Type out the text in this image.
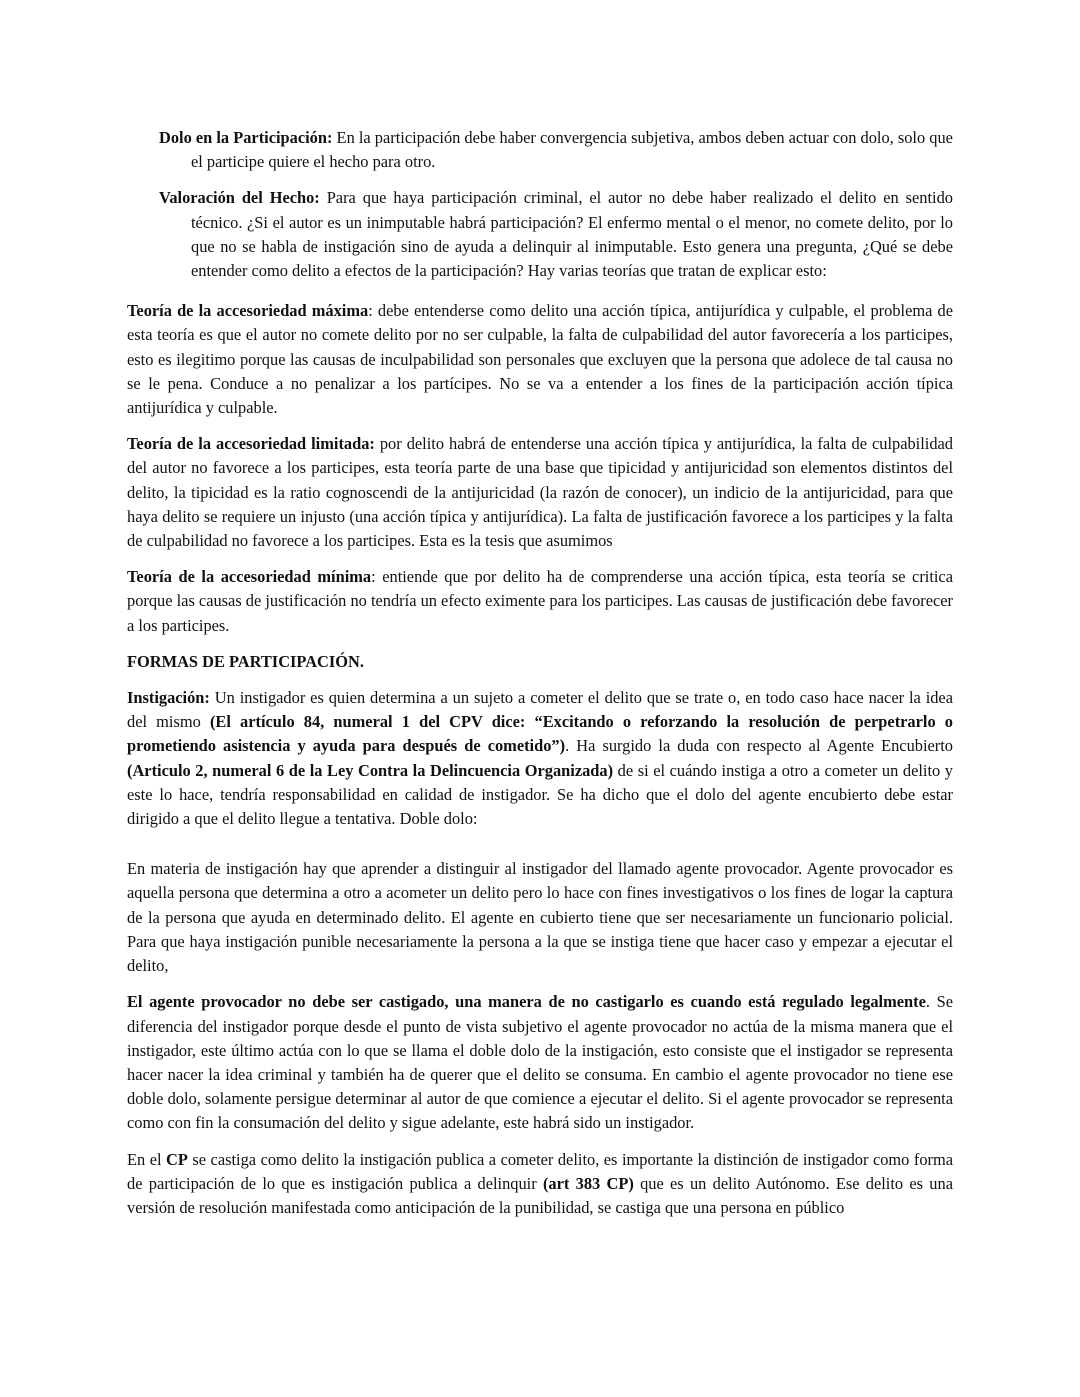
Dolo en la Participación: En la participación debe haber convergencia subjetiva, ambos deben actuar con dolo, solo que el participe quiere el hecho para otro.

Valoración del Hecho: Para que haya participación criminal, el autor no debe haber realizado el delito en sentido técnico. ¿Si el autor es un inimputable habrá participación? El enfermo mental o el menor, no comete delito, por lo que no se habla de instigación sino de ayuda a delinquir al inimputable. Esto genera una pregunta, ¿Qué se debe entender como delito a efectos de la participación? Hay varias teorías que tratan de explicar esto:

Teoría de la accesoriedad máxima: debe entenderse como delito una acción típica, antijurídica y culpable, el problema de esta teoría es que el autor no comete delito por no ser culpable, la falta de culpabilidad del autor favorecería a los participes, esto es ilegitimo porque las causas de inculpabilidad son personales que excluyen que la persona que adolece de tal causa no se le pena. Conduce a no penalizar a los partícipes. No se va a entender a los fines de la participación acción típica antijurídica y culpable.

Teoría de la accesoriedad limitada: por delito habrá de entenderse una acción típica y antijurídica, la falta de culpabilidad del autor no favorece a los participes, esta teoría parte de una base que tipicidad y antijuricidad son elementos distintos del delito, la tipicidad es la ratio cognoscendi de la antijuricidad (la razón de conocer), un indicio de la antijuricidad, para que haya delito se requiere un injusto (una acción típica y antijurídica). La falta de justificación favorece a los participes y la falta de culpabilidad no favorece a los participes. Esta es la tesis que asumimos

Teoría de la accesoriedad mínima: entiende que por delito ha de comprenderse una acción típica, esta teoría se critica porque las causas de justificación no tendría un efecto eximente para los participes. Las causas de justificación debe favorecer a los participes.

FORMAS DE PARTICIPACIÓN.

Instigación: Un instigador es quien determina a un sujeto a cometer el delito que se trate o, en todo caso hace nacer la idea del mismo (El artículo 84, numeral 1 del CPV dice: “Excitando o reforzando la resolución de perpetrarlo o prometiendo asistencia y ayuda para después de cometido”). Ha surgido la duda con respecto al Agente Encubierto (Articulo 2, numeral 6 de la Ley Contra la Delincuencia Organizada) de si el cuándo instiga a otro a cometer un delito y este lo hace, tendría responsabilidad en calidad de instigador. Se ha dicho que el dolo del agente encubierto debe estar dirigido a que el delito llegue a tentativa. Doble dolo:

En materia de instigación hay que aprender a distinguir al instigador del llamado agente provocador. Agente provocador es aquella persona que determina a otro a acometer un delito pero lo hace con fines investigativos o los fines de logar la captura de la persona que ayuda en determinado delito. El agente en cubierto tiene que ser necesariamente un funcionario policial. Para que haya instigación punible necesariamente la persona a la que se instiga tiene que hacer caso y empezar a ejecutar el delito,

El agente provocador no debe ser castigado, una manera de no castigarlo es cuando está regulado legalmente. Se diferencia del instigador porque desde el punto de vista subjetivo el agente provocador no actúa de la misma manera que el instigador, este último actúa con lo que se llama el doble dolo de la instigación, esto consiste que el instigador se representa hacer nacer la idea criminal y también ha de querer que el delito se consuma. En cambio el agente provocador no tiene ese doble dolo, solamente persigue determinar al autor de que comience a ejecutar el delito. Si el agente provocador se representa como con fin la consumación del delito y sigue adelante, este habrá sido un instigador.

En el CP se castiga como delito la instigación publica a cometer delito, es importante la distinción de instigador como forma de participación de lo que es instigación publica a delinquir (art 383 CP) que es un delito Autónomo. Ese delito es una versión de resolución manifestada como anticipación de la punibilidad, se castiga que una persona en público
